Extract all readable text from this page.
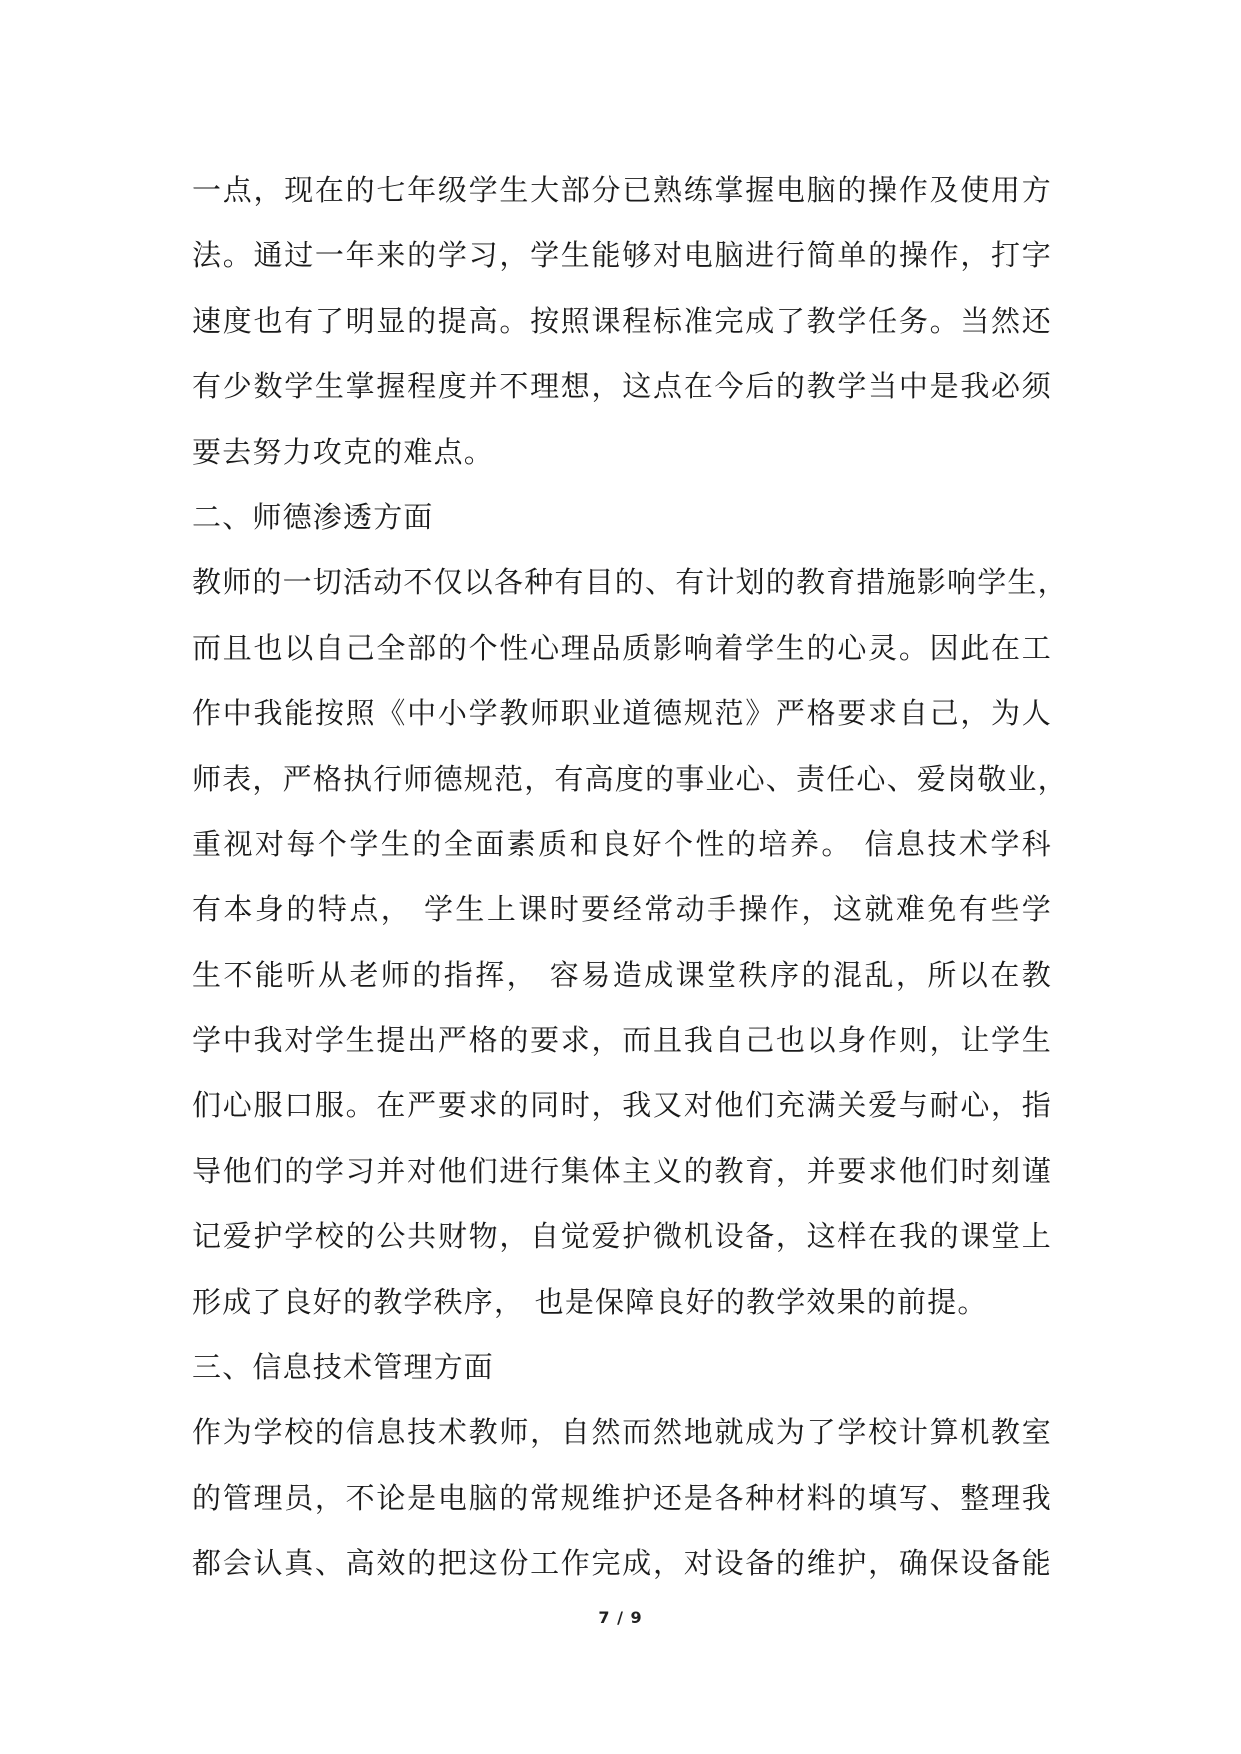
一点，现在的七年级学生大部分已熟练掌握电脑的操作及使用方
法。通过一年来的学习，学生能够对电脑进行简单的操作，打字
速度也有了明显的提高。按照课程标准完成了教学任务。当然还
有少数学生掌握程度并不理想，这点在今后的教学当中是我必须
要去努力攻克的难点。
二、师德渗透方面
教师的一切活动不仅以各种有目的、有计划的教育措施影响学生，
而且也以自己全部的个性心理品质影响着学生的心灵。因此在工
作中我能按照《中小学教师职业道德规范》严格要求自己，为人
师表，严格执行师德规范，有高度的事业心、责任心、爱岗敬业，
重视对每个学生的全面素质和良好个性的培养。 信息技术学科
有本身的特点， 学生上课时要经常动手操作，这就难免有些学
生不能听从老师的指挥， 容易造成课堂秩序的混乱，所以在教
学中我对学生提出严格的要求，而且我自己也以身作则，让学生
们心服口服。在严要求的同时，我又对他们充满关爱与耐心，指
导他们的学习并对他们进行集体主义的教育，并要求他们时刻谨
记爱护学校的公共财物，自觉爱护微机设备，这样在我的课堂上
形成了良好的教学秩序， 也是保障良好的教学效果的前提。
三、信息技术管理方面
作为学校的信息技术教师，自然而然地就成为了学校计算机教室
的管理员，不论是电脑的常规维护还是各种材料的填写、整理我
都会认真、高效的把这份工作完成，对设备的维护，确保设备能
7 / 9
